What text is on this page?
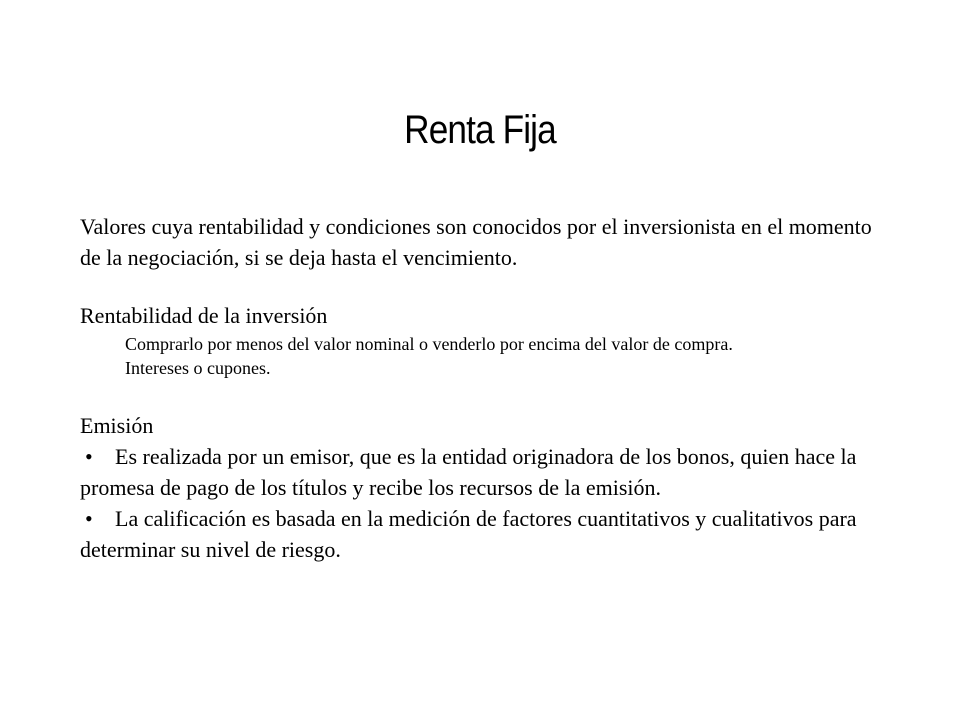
Renta Fija

Valores cuya rentabilidad y condiciones son conocidos por el inversionista en el momento de la negociación, si se deja hasta el vencimiento.

Rentabilidad de la inversión

Comprarlo por menos del valor nominal o venderlo por encima del valor de compra.

Intereses o cupones.

Emisión

• Es realizada por un emisor, que es la entidad originadora de los bonos, quien hace la promesa de pago de los títulos y recibe los recursos de la emisión.

• La calificación es basada en la medición de factores cuantitativos y cualitativos para determinar su nivel de riesgo.
